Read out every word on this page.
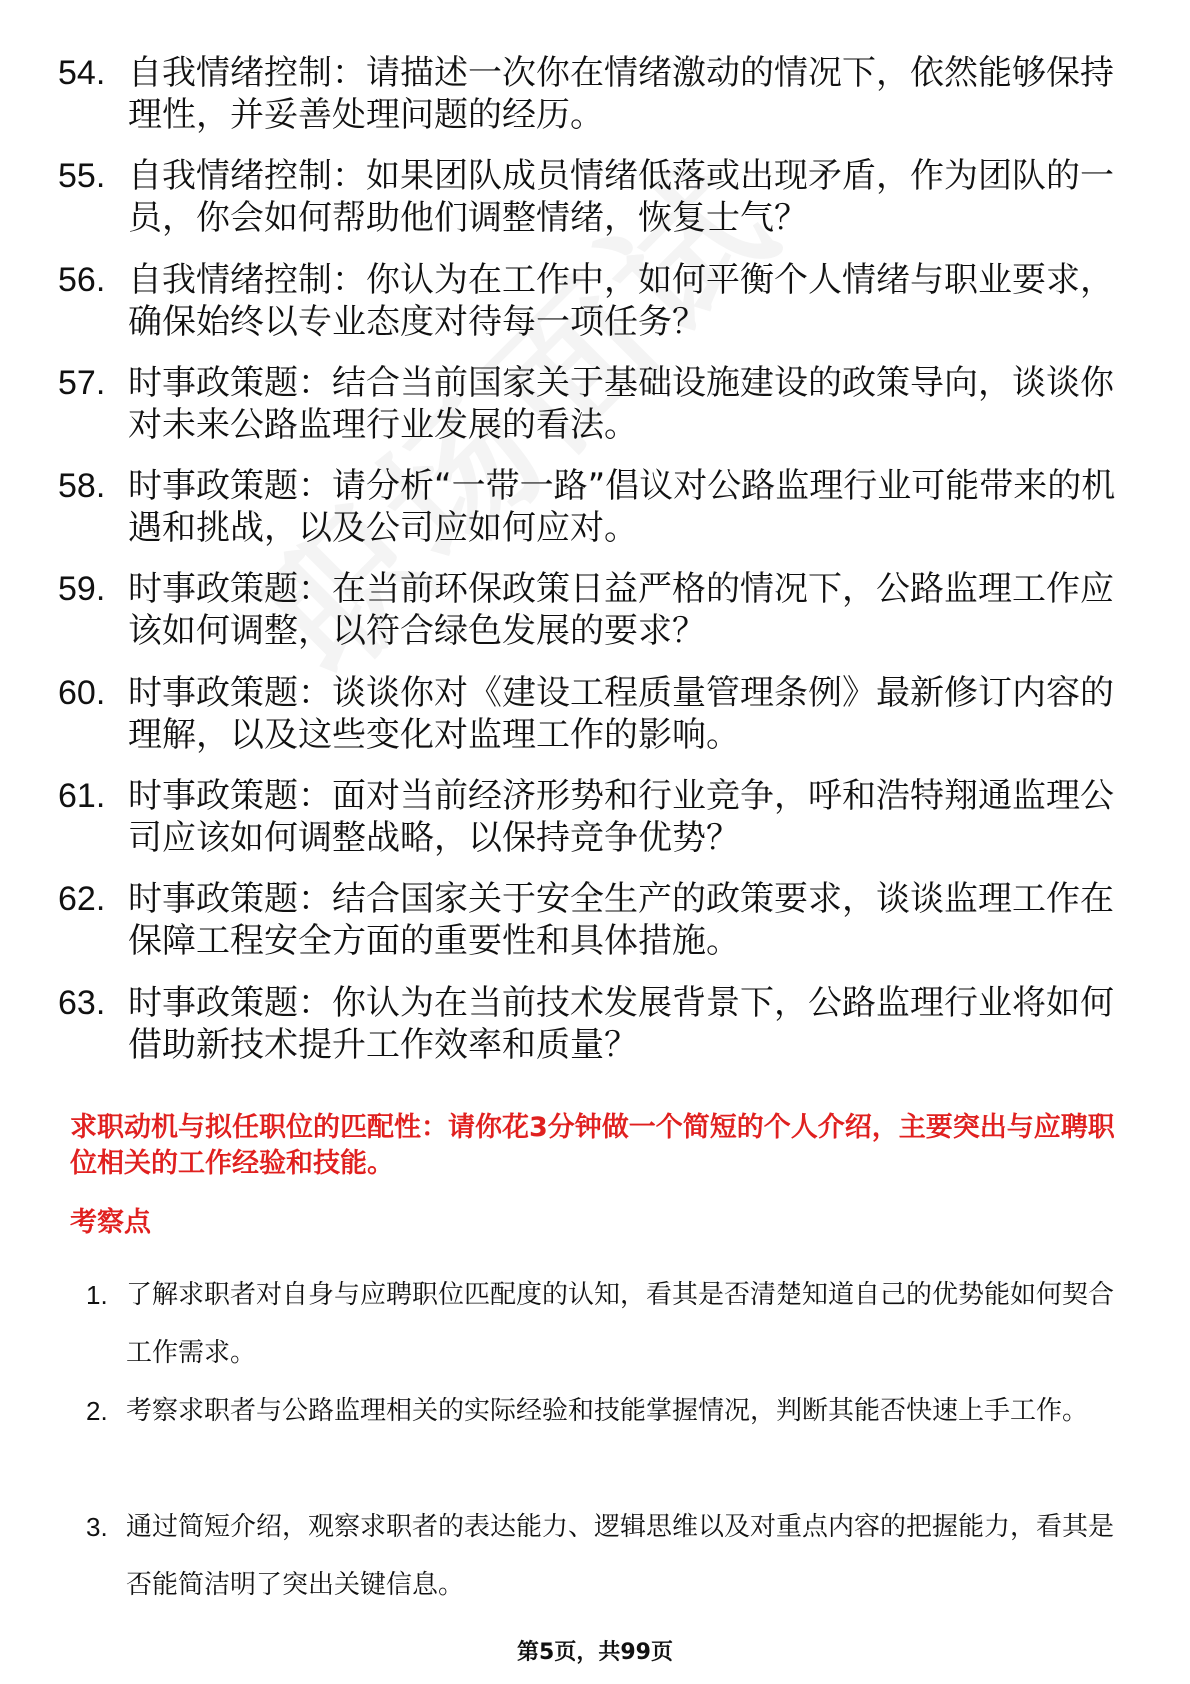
54. 自我情绪控制：请描述一次你在情绪激动的情况下，依然能够保持理性，并妥善处理问题的经历。
55. 自我情绪控制：如果团队成员情绪低落或出现矛盾，作为团队的一员，你会如何帮助他们调整情绪，恢复士气？
56. 自我情绪控制：你认为在工作中，如何平衡个人情绪与职业要求，确保始终以专业态度对待每一项任务？
57. 时事政策题：结合当前国家关于基础设施建设的政策导向，谈谈你对未来公路监理行业发展的看法。
58. 时事政策题：请分析“一带一路”倡议对公路监理行业可能带来的机遇和挑战，以及公司应如何应对。
59. 时事政策题：在当前环保政策日益严格的情况下，公路监理工作应该如何调整，以符合绿色发展的要求？
60. 时事政策题：谈谈你对《建设工程质量管理条例》最新修订内容的理解，以及这些变化对监理工作的影响。
61. 时事政策题：面对当前经济形势和行业竞争，呼和浩特翔通监理公司应该如何调整战略，以保持竞争优势？
62. 时事政策题：结合国家关于安全生产的政策要求，谈谈监理工作在保障工程安全方面的重要性和具体措施。
63. 时事政策题：你认为在当前技术发展背景下，公路监理行业将如何借助新技术提升工作效率和质量？
求职动机与拟任职位的匹配性：请你花3分钟做一个简短的个人介绍，主要突出与应聘职位相关的工作经验和技能。
考察点
1. 了解求职者对自身与应聘职位匹配度的认知，看其是否清楚知道自己的优势能如何契合工作需求。
2. 考察求职者与公路监理相关的实际经验和技能掌握情况，判断其能否快速上手工作。
3. 通过简短介绍，观察求职者的表达能力、逻辑思维以及对重点内容的把握能力，看其是否能简洁明了突出关键信息。
第5页，共99页
